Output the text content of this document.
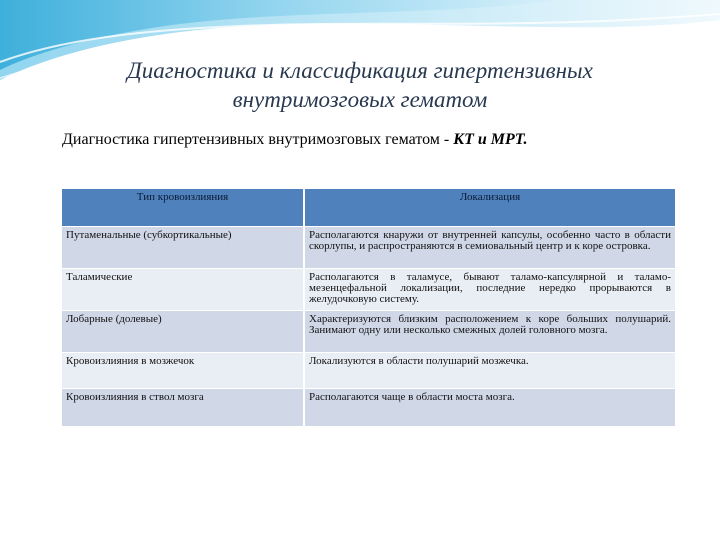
Диагностика и классификация гипертензивных
внутримозговых гематом
Диагностика гипертензивных внутримозговых гематом - КТ и МРТ.
Тип кровоизлияния	Локализация
Путаменальные (субкортикальные)	Располагаются кнаружи от внутренней капсулы, особенно часто в области скорлупы, и распространяются в семиовальный центр и к коре островка.
Таламические	Располагаются в таламусе, бывают таламо-капсулярной и таламо-мезенцефальной локализации, последние нередко прорываются в желудочковую систему.
Лобарные (долевые)	Характеризуются близким расположением к коре больших полушарий. Занимают одну или несколько смежных долей головного мозга.
Кровоизлияния в мозжечок	Локализуются в области полушарий мозжечка.
Кровоизлияния в ствол мозга	Располагаются чаще в области моста мозга.
